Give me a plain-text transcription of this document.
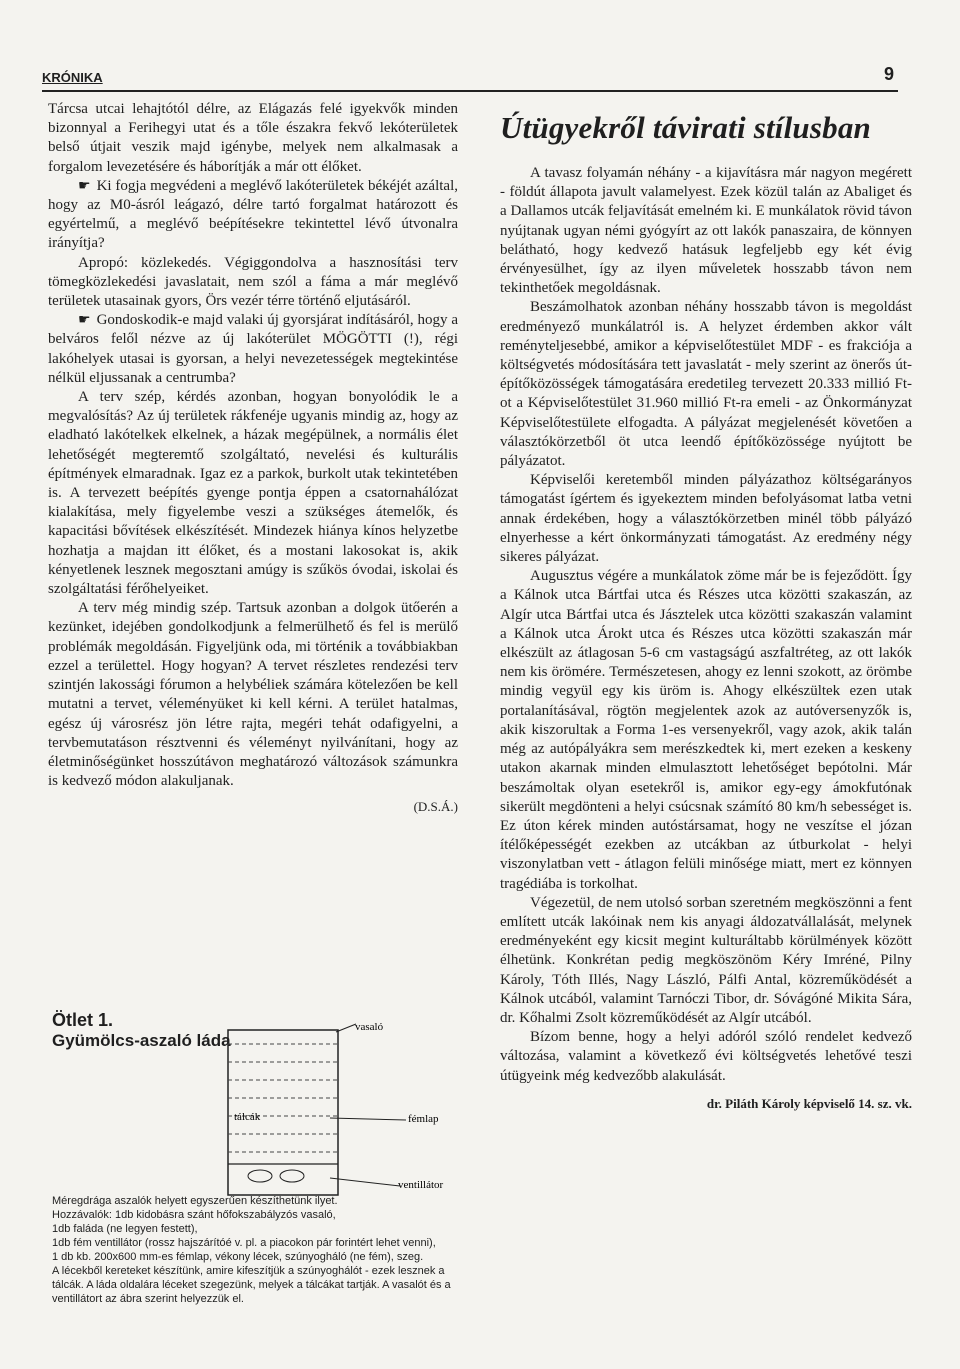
KRÓNIKA	9

Tárcsa utcai lehajtótól délre, az Elágazás felé igyekvők minden bizonnyal a Ferihegyi utat és a tőle északra fekvő lekóterületek belső útjait veszik majd igénybe, melyek nem alkalmasak a forgalom levezetésére és háborítják a már ott élőket.

☛ Ki fogja megvédeni a meglévő lakóterületek békéjét azáltal, hogy az M0-ásról leágazó, délre tartó forgalmat határozott és egyértelmű, a meglévő beépítésekre tekintettel lévő útvonalra irányítja?

Apropó: közlekedés. Végiggondolva a hasznosítási terv tömegközlekedési javaslatait, nem szól a fáma a már meglévő területek utasainak gyors, Örs vezér térre történő eljutásáról.

☛ Gondoskodik-e majd valaki új gyorsjárat indításáról, hogy a belváros felől nézve az új lakóterület MÖGÖTTI (!), régi lakóhelyek utasai is gyorsan, a helyi nevezetességek megtekintése nélkül eljussanak a centrumba?

A terv szép, kérdés azonban, hogyan bonyolódik le a megvalósítás? Az új területek rákfenéje ugyanis mindig az, hogy az eladható lakótelkek elkelnek, a házak megépülnek, a normális élet lehetőségét megteremtő szolgáltató, nevelési és kulturális építmények elmaradnak. Igaz ez a parkok, burkolt utak tekintetében is. A tervezett beépítés gyenge pontja éppen a csatornahálózat kialakítása, mely figyelembe veszi a szükséges átemelők, és kapacitási bővítések elkészítését. Mindezek hiánya kínos helyzetbe hozhatja a majdan itt élőket, és a mostani lakosokat is, akik kényetlenek lesznek megosztani amúgy is szűkös óvodai, iskolai és szolgáltatási férőhelyeiket.

A terv még mindig szép. Tartsuk azonban a dolgok ütőerén a kezünket, idejében gondolkodjunk a felmerülhető és fel is merülő problémák megoldásán. Figyeljünk oda, mi történik a továbbiakban ezzel a területtel. Hogy hogyan? A tervet részletes rendezési terv szintjén lakossági fórumon a helybéliek számára kötelezően be kell mutatni a tervet, véleményüket ki kell kérni. A terület hatalmas, egész új városrész jön létre rajta, megéri tehát odafigyelni, a tervbemutatáson résztvenni és véleményt nyilvánítani, hogy az életminőségünket hosszútávon meghatározó változások számunkra is kedvező módon alakuljanak.

(D.S.Á.)
Ötlet 1.
Gyümölcs-aszaló láda
vasaló
tálcák	fémlap
ventillátor
Méregdrága aszalók helyett egyszerűen készíthetünk ilyet.
Hozzávalók: 1db kidobásra szánt hőfokszabályzós vasaló,
1db faláda (ne legyen festett),
1db fém ventillátor (rossz hajszárítóé v. pl. a piacokon pár forintért lehet venni),
1 db kb. 200x600 mm-es fémlap, vékony lécek, szúnyogháló (ne fém), szeg.
A lécekből kereteket készítünk, amire kifeszítjük a szúnyoghálót - ezek lesznek a tálcák. A láda oldalára léceket szegezünk, melyek a tálcákat tartják. A vasalót és a ventillátort az ábra szerint helyezzük el.
Útügyekről távirati stílusban

A tavasz folyamán néhány - a kijavításra már nagyon megérett - földút állapota javult valamelyest. Ezek közül talán az Abaliget és a Dallamos utcák feljavítását emelném ki. E munkálatok rövid távon nyújtanak ugyan némi gyógyírt az ott lakók panaszaira, de könnyen belátható, hogy kedvező hatásuk legfeljebb egy két évig érvényesülhet, így az ilyen műveletek hosszabb távon nem tekinthetőek megoldásnak.

Beszámolhatok azonban néhány hosszabb távon is megoldást eredményező munkálatról is. A helyzet érdemben akkor vált reményteljesebbé, amikor a képviselőtestület MDF - es frakciója a költségvetés módosítására tett javaslatát - mely szerint az önerős út-építőközösségek támogatására eredetileg tervezett 20.333 millió Ft-ot a Képviselőtestület 31.960 millió Ft-ra emeli - az Önkormányzat Képviselőtestülete elfogadta. A pályázat megjelenését követően a választókörzetből öt utca leendő építőközössége nyújtott be pályázatot.

Képviselői keretemből minden pályázathoz költségarányos támogatást ígértem és igyekeztem minden befolyásomat latba vetni annak érdekében, hogy a választókörzetben minél több pályázó elnyerhesse a kért önkormányzati támogatást. Az eredmény négy sikeres pályázat.

Augusztus végére a munkálatok zöme már be is fejeződött. Így a Kálnok utca Bártfai utca és Részes utca közötti szakaszán, az Algír utca Bártfai utca és Jásztelek utca közötti szakaszán valamint a Kálnok utca Árokt utca és Részes utca közötti szakaszán már elkészült az átlagosan 5-6 cm vastagságú aszfaltréteg, az ott lakók nem kis örömére. Természetesen, ahogy ez lenni szokott, az örömbe mindig vegyül egy kis üröm is. Ahogy elkészültek ezen utak portalanításával, rögtön megjelentek azok az autóversenyzők is, akik kiszorultak a Forma 1-es versenyekről, vagy azok, akik talán még az autópályákra sem merészkedtek ki, mert ezeken a keskeny utakon akarnak minden elmulasztott lehetőséget bepótolni. Már beszámoltak olyan esetekről is, amikor egy-egy ámokfutónak sikerült megdönteni a helyi csúcsnak számító 80 km/h sebességet is. Ez úton kérek minden autóstársamat, hogy ne veszítse el józan ítélőképességét ezekben az utcákban az útburkolat - helyi viszonylatban vett - átlagon felüli minősége miatt, mert ez könnyen tragédiába is torkolhat.

Végezetül, de nem utolsó sorban szeretném megköszönni a fent említett utcák lakóinak nem kis anyagi áldozatvállalását, melynek eredményeként egy kicsit megint kulturáltabb körülmények között élhetünk. Konkrétan pedig megköszönöm Kéry Imréné, Pilny Károly, Tóth Illés, Nagy László, Pálfi Antal, közreműködését a Kálnok utcából, valamint Tarnóczi Tibor, dr. Sóvágóné Mikita Sára, dr. Kőhalmi Zsolt közreműködését az Algír utcából.

Bízom benne, hogy a helyi adóról szóló rendelet kedvező változása, valamint a következő évi költségvetés lehetővé teszi útügyeink még kedvezőbb alakulását.

dr. Piláth Károly képviselő 14. sz. vk.
